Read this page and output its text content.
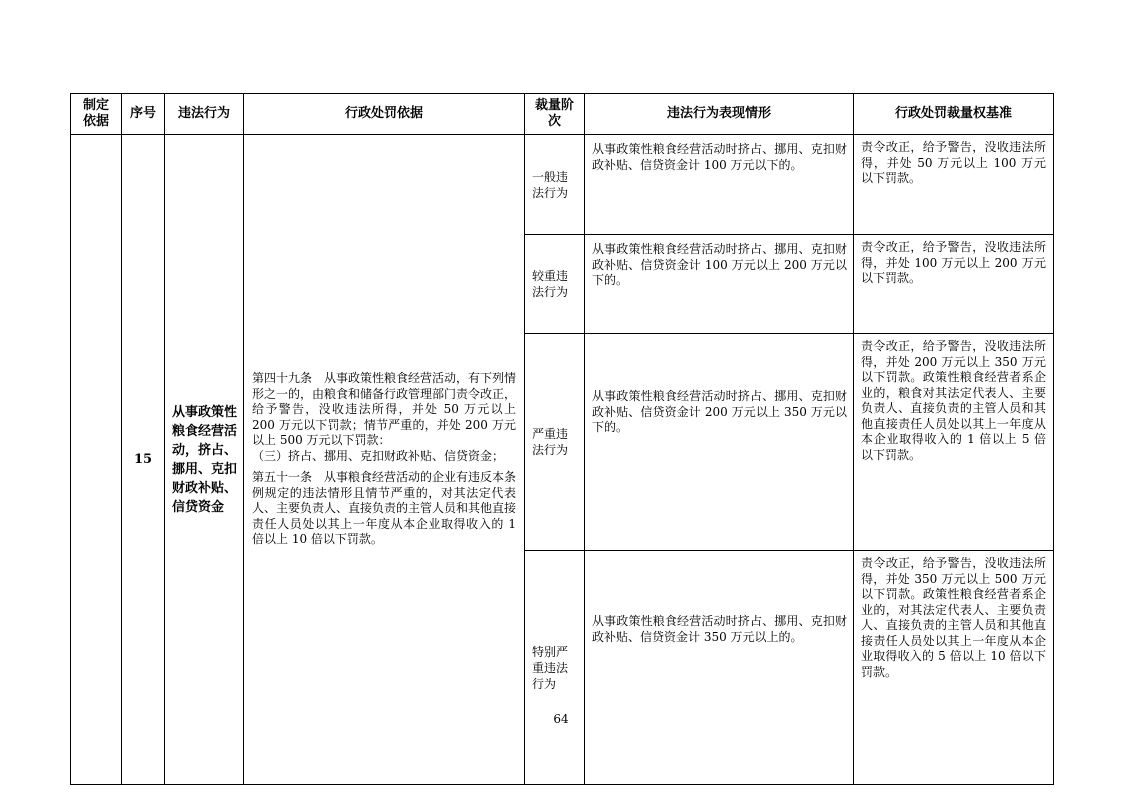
制定依据	序号	违法行为	行政处罚依据	裁量阶次	违法行为表现情形	行政处罚裁量权基准
	15	从事政策性粮食经营活动，挤占、挪用、克扣财政补贴、信贷资金	第四十九条　从事政策性粮食经营活动，有下列情形之一的，由粮食和储备行政管理部门责令改正，给予警告，没收违法所得，并处 50 万元以上 200 万元以下罚款；情节严重的，并处 200 万元以上 500 万元以下罚款：

（三）挤占、挪用、克扣财政补贴、信贷资金；

第五十一条　从事粮食经营活动的企业有违反本条例规定的违法情形且情节严重的，对其法定代表人、主要负责人、直接负责的主管人员和其他直接责任人员处以其上一年度从本企业取得收入的 1 倍以上 10 倍以下罚款。	一般违法行为	从事政策性粮食经营活动时挤占、挪用、克扣财政补贴、信贷资金计 100 万元以下的。	责令改正，给予警告，没收违法所得，并处 50 万元以上 100 万元以下罚款。
				较重违法行为	从事政策性粮食经营活动时挤占、挪用、克扣财政补贴、信贷资金计 100 万元以上 200 万元以下的。	责令改正，给予警告，没收违法所得，并处 100 万元以上 200 万元以下罚款。
				严重违法行为	从事政策性粮食经营活动时挤占、挪用、克扣财政补贴、信贷资金计 200 万元以上 350 万元以下的。	责令改正，给予警告，没收违法所得，并处 200 万元以上 350 万元以下罚款。政策性粮食经营者系企业的，粮食对其法定代表人、主要负责人、直接负责的主管人员和其他直接责任人员处以其上一年度从本企业取得收入的 1 倍以上 5 倍以下罚款。
				特别严重违法行为	从事政策性粮食经营活动时挤占、挪用、克扣财政补贴、信贷资金计 350 万元以上的。	责令改正，给予警告，没收违法所得，并处 350 万元以上 500 万元以下罚款。政策性粮食经营者系企业的，对其法定代表人、主要负责人、直接负责的主管人员和其他直接责任人员处以其上一年度从本企业取得收入的 5 倍以上 10 倍以下罚款。
64
